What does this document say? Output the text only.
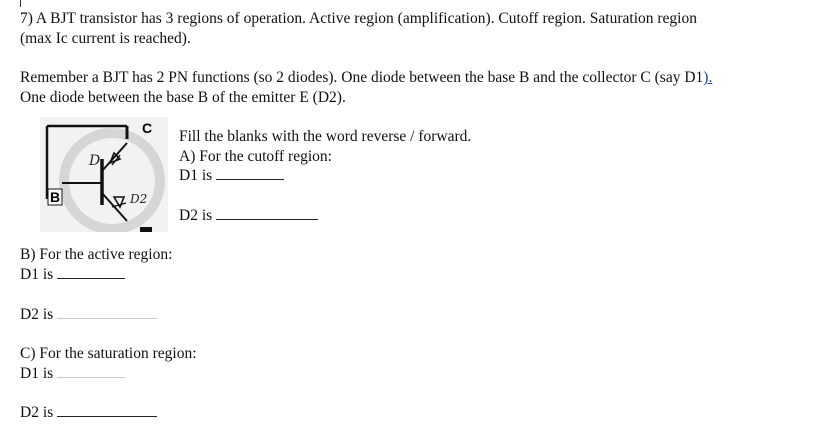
7) A BJT transistor has 3 regions of operation. Active region (amplification). Cutoff region. Saturation region
(max Ic current is reached).
Remember a BJT has 2 PN functions (so 2 diodes). One diode between the base B and the collector C (say D1).
One diode between the base B of the emitter E (D2).
C
B
D
D2
Fill the blanks with the word reverse / forward.
A) For the cutoff region:
D1 is
D2 is
B) For the active region:
D1 is
D2 is
C) For the saturation region:
D1 is
D2 is
